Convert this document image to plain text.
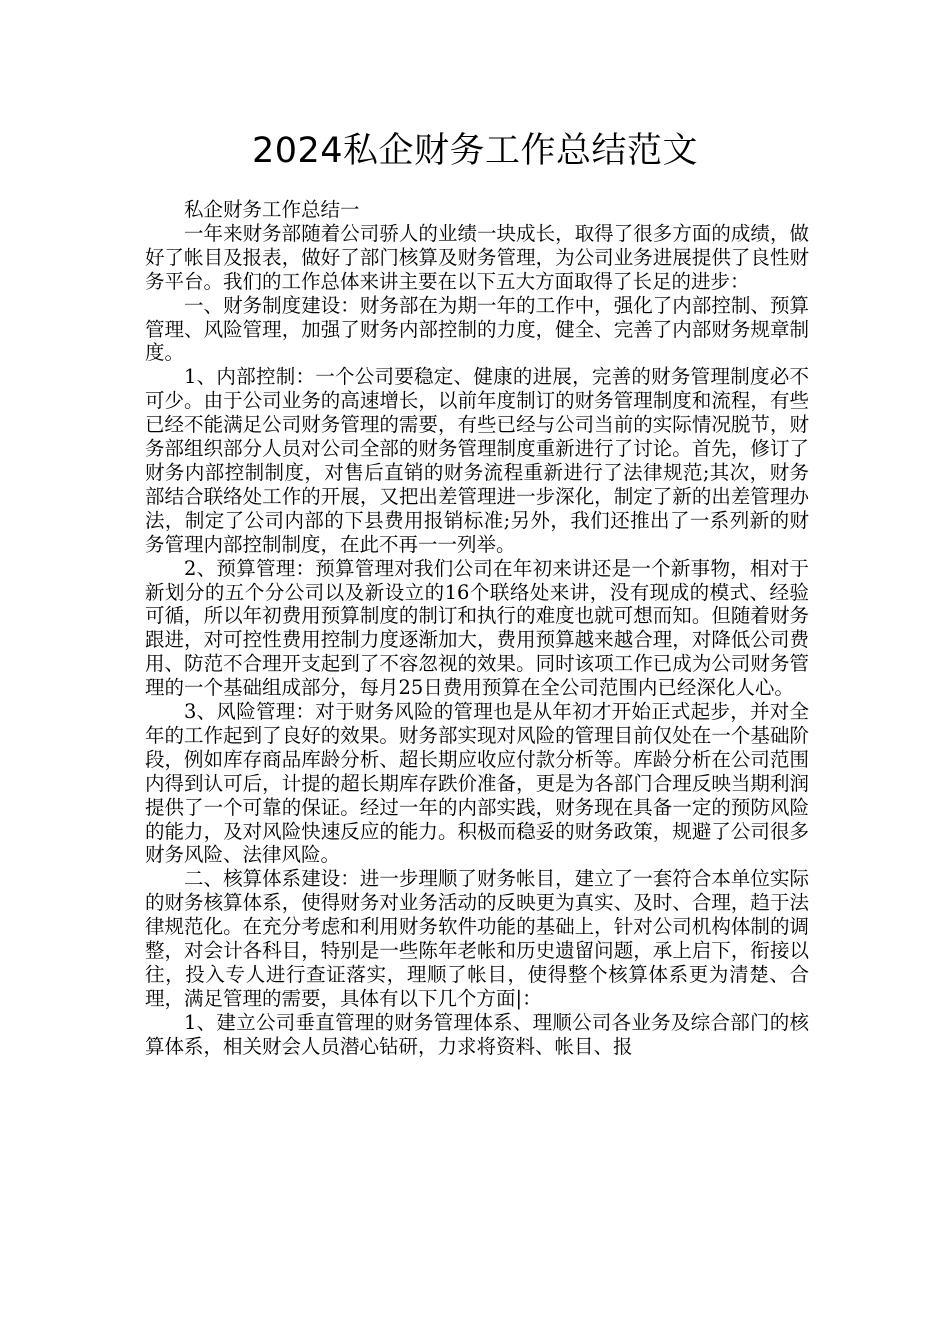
2024私企财务工作总结范文

私企财务工作总结一

一年来财务部随着公司骄人的业绩一块成长，取得了很多方面的成绩，做好了帐目及报表，做好了部门核算及财务管理，为公司业务进展提供了良性财务平台。我们的工作总体来讲主要在以下五大方面取得了长足的进步：

一、财务制度建设：财务部在为期一年的工作中，强化了内部控制、预算管理、风险管理，加强了财务内部控制的力度，健全、完善了内部财务规章制度。

1、内部控制：一个公司要稳定、健康的进展，完善的财务管理制度必不可少。由于公司业务的高速增长，以前年度制订的财务管理制度和流程，有些已经不能满足公司财务管理的需要，有些已经与公司当前的实际情况脱节，财务部组织部分人员对公司全部的财务管理制度重新进行了讨论。首先，修订了财务内部控制制度，对售后直销的财务流程重新进行了法律规范;其次，财务部结合联络处工作的开展，又把出差管理进一步深化，制定了新的出差管理办法，制定了公司内部的下县费用报销标准;另外，我们还推出了一系列新的财务管理内部控制制度，在此不再一一列举。

2、预算管理：预算管理对我们公司在年初来讲还是一个新事物，相对于新划分的五个分公司以及新设立的16个联络处来讲，没有现成的模式、经验可循，所以年初费用预算制度的制订和执行的难度也就可想而知。但随着财务跟进，对可控性费用控制力度逐渐加大，费用预算越来越合理，对降低公司费用、防范不合理开支起到了不容忽视的效果。同时该项工作已成为公司财务管理的一个基础组成部分，每月25日费用预算在全公司范围内已经深化人心。

3、风险管理：对于财务风险的管理也是从年初才开始正式起步，并对全年的工作起到了良好的效果。财务部实现对风险的管理目前仅处在一个基础阶段，例如库存商品库龄分析、超长期应收应付款分析等。库龄分析在公司范围内得到认可后，计提的超长期库存跌价准备，更是为各部门合理反映当期利润提供了一个可靠的保证。经过一年的内部实践，财务现在具备一定的预防风险的能力，及对风险快速反应的能力。积极而稳妥的财务政策，规避了公司很多财务风险、法律风险。

二、核算体系建设：进一步理顺了财务帐目，建立了一套符合本单位实际的财务核算体系，使得财务对业务活动的反映更为真实、及时、合理，趋于法律规范化。在充分考虑和利用财务软件功能的基础上，针对公司机构体制的调整，对会计各科目，特别是一些陈年老帐和历史遗留问题，承上启下，衔接以往，投入专人进行查证落实，理顺了帐目，使得整个核算体系更为清楚、合理，满足管理的需要，具体有以下几个方面|：

1、建立公司垂直管理的财务管理体系、理顺公司各业务及综合部门的核算体系，相关财会人员潜心钻研，力求将资料、帐目、报
